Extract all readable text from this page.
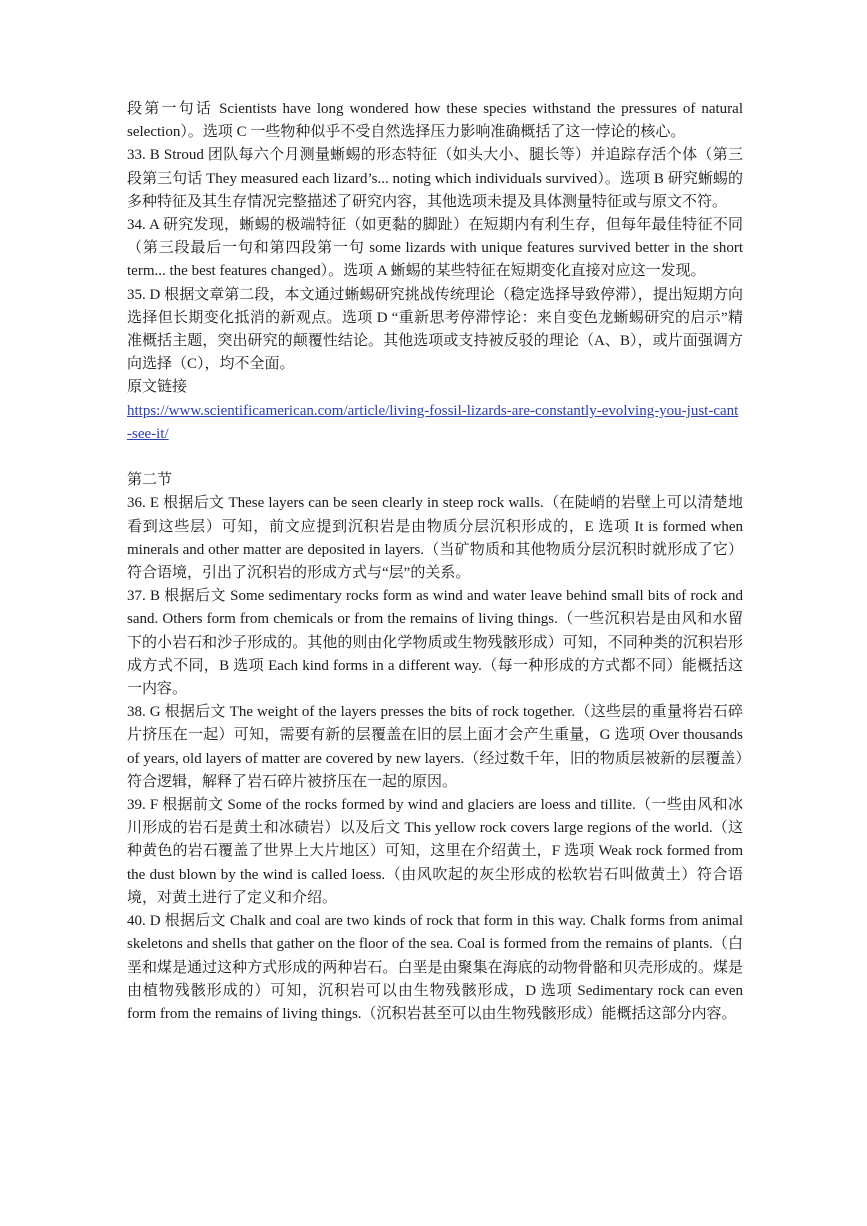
段第一句话 Scientists have long wondered how these species withstand the pressures of natural selection）。选项 C 一些物种似乎不受自然选择压力影响准确概括了这一悖论的核心。

33. B Stroud 团队每六个月测量蜥蜴的形态特征（如头大小、腿长等）并追踪存活个体（第三段第三句话 They measured each lizard’s... noting which individuals survived）。选项 B 研究蜥蜴的多种特征及其生存情况完整描述了研究内容，其他选项未提及具体测量特征或与原文不符。

34. A 研究发现，蜥蜴的极端特征（如更黏的脚趾）在短期内有利生存，但每年最佳特征不同（第三段最后一句和第四段第一句 some lizards with unique features survived better in the short term... the best features changed）。选项 A 蜥蜴的某些特征在短期变化直接对应这一发现。

35. D 根据文章第二段，本文通过蜥蜴研究挑战传统理论（稳定选择导致停滞），提出短期方向选择但长期变化抵消的新观点。选项 D “重新思考停滞悖论：来自变色龙蜥蜴研究的启示”精准概括主题，突出研究的颠覆性结论。其他选项或支持被反驳的理论（A、B），或片面强调方向选择（C），均不全面。

原文链接

https://www.scientificamerican.com/article/living-fossil-lizards-are-constantly-evolving-you-just-cant-see-it/

第二节

36. E 根据后文 These layers can be seen clearly in steep rock walls.（在陡峭的岩壁上可以清楚地看到这些层）可知，前文应提到沉积岩是由物质分层沉积形成的，E 选项 It is formed when minerals and other matter are deposited in layers.（当矿物质和其他物质分层沉积时就形成了它）符合语境，引出了沉积岩的形成方式与“层”的关系。

37. B 根据后文 Some sedimentary rocks form as wind and water leave behind small bits of rock and sand. Others form from chemicals or from the remains of living things.（一些沉积岩是由风和水留下的小岩石和沙子形成的。其他的则由化学物质或生物残骸形成）可知，不同种类的沉积岩形成方式不同，B 选项 Each kind forms in a different way.（每一种形成的方式都不同）能概括这一内容。

38. G 根据后文 The weight of the layers presses the bits of rock together.（这些层的重量将岩石碎片挤压在一起）可知，需要有新的层覆盖在旧的层上面才会产生重量，G 选项 Over thousands of years, old layers of matter are covered by new layers.（经过数千年，旧的物质层被新的层覆盖）符合逻辑，解释了岩石碎片被挤压在一起的原因。

39. F 根据前文 Some of the rocks formed by wind and glaciers are loess and tillite.（一些由风和冰川形成的岩石是黄土和冰碛岩）以及后文 This yellow rock covers large regions of the world.（这种黄色的岩石覆盖了世界上大片地区）可知，这里在介绍黄土，F 选项 Weak rock formed from the dust blown by the wind is called loess.（由风吹起的灰尘形成的松软岩石叫做黄土）符合语境，对黄土进行了定义和介绍。

40. D 根据后文 Chalk and coal are two kinds of rock that form in this way. Chalk forms from animal skeletons and shells that gather on the floor of the sea. Coal is formed from the remains of plants.（白垩和煤是通过这种方式形成的两种岩石。白垩是由聚集在海底的动物骨骼和贝壳形成的。煤是由植物残骸形成的）可知，沉积岩可以由生物残骸形成，D 选项 Sedimentary rock can even form from the remains of living things.（沉积岩甚至可以由生物残骸形成）能概括这部分内容。
